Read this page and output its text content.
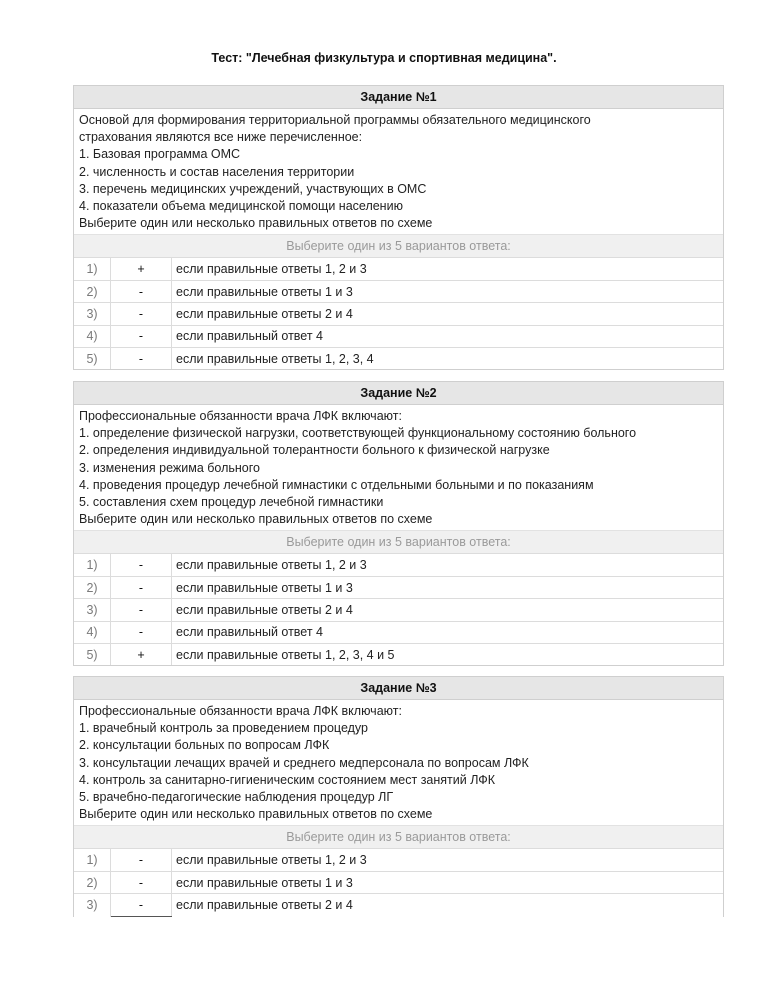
Тест: "Лечебная физкультура и спортивная медицина".
Задание №1
Основой для формирования территориальной программы обязательного медицинского
страхования являются все ниже перечисленное:
1. Базовая программа ОМС
2. численность и состав населения территории
3. перечень медицинских учреждений, участвующих в ОМС
4. показатели объема медицинской помощи населению
Выберите один или несколько правильных ответов по схеме
Выберите один из 5 вариантов ответа:
1)	+	если правильные ответы 1, 2 и 3
2)	-	если правильные ответы 1 и 3
3)	-	если правильные ответы 2 и 4
4)	-	если правильный ответ 4
5)	-	если правильные ответы 1, 2, 3, 4
Задание №2
Профессиональные обязанности врача ЛФК включают:
1. определение физической нагрузки, соответствующей функциональному состоянию больного
2. определения индивидуальной толерантности больного к физической нагрузке
3. изменения режима больного
4. проведения процедур лечебной гимнастики с отдельными больными и по показаниям
5. составления схем процедур лечебной гимнастики
Выберите один или несколько правильных ответов по схеме
Выберите один из 5 вариантов ответа:
1)	-	если правильные ответы 1, 2 и 3
2)	-	если правильные ответы 1 и 3
3)	-	если правильные ответы 2 и 4
4)	-	если правильный ответ 4
5)	+	если правильные ответы 1, 2, 3, 4 и 5
Задание №3
Профессиональные обязанности врача ЛФК включают:
1. врачебный контроль за проведением процедур
2. консультации больных по вопросам ЛФК
3. консультации лечащих врачей и среднего медперсонала по вопросам ЛФК
4. контроль за санитарно-гигиеническим состоянием мест занятий ЛФК
5. врачебно-педагогические наблюдения процедур ЛГ
Выберите один или несколько правильных ответов по схеме
Выберите один из 5 вариантов ответа:
1)	-	если правильные ответы 1, 2 и 3
2)	-	если правильные ответы 1 и 3
3)	-	если правильные ответы 2 и 4
